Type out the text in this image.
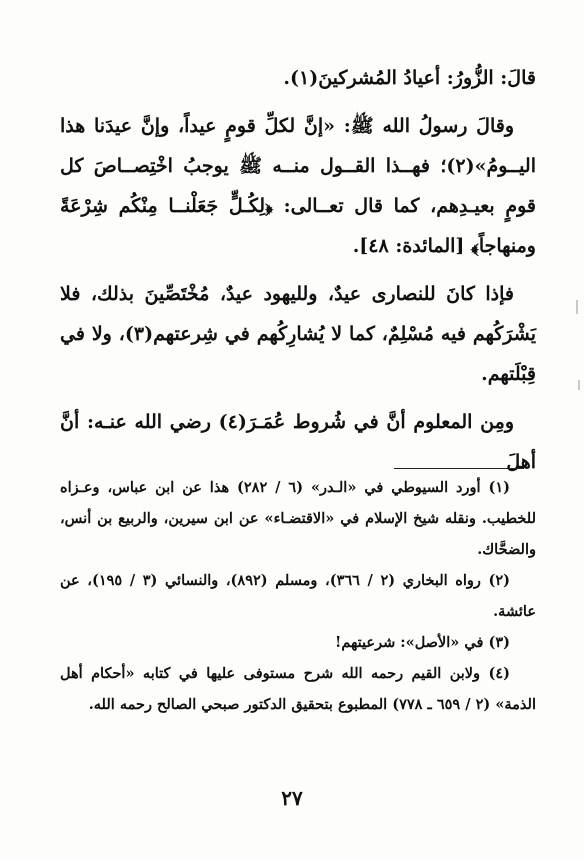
قالَ: الزُّورُ: أعيادُ المُشركينَ(١).

وقالَ رسولُ الله ﷺ: «إنَّ لكلِّ قومٍ عيداً، وإنَّ عيدَنا هذا اليــومُ»(٢)؛ فهــذا القــول منــه ﷺ يوجبُ اخْتِصــاصَ كل قومٍ بعيـدِهم، كما قال تعــالى: ﴿لِكُـلٍّ جَعَلْنــا مِنْكُم شِرْعَةً ومنهاجاً﴾ [المائدة: ٤٨].

فإذا كانَ للنصارى عيدٌ، ولليهود عيدٌ، مُخْتَصِّينَ بذلك، فلا يَشْرَكُهم فيه مُسْلِمٌ، كما لا يُشارِكُهم في شِرعتهم(٣)، ولا في قِبْلَتهم.

ومِن المعلوم أنَّ في شُروط عُمَـرَ(٤) رضي الله عنـه: أنَّ أهلَ

(١) أورد السيوطي في «الـدر» (٦ / ٢٨٢) هذا عن ابن عباس، وعـزاه للخطيب. ونقله شيخ الإسلام في «الاقتضـاء» عن ابن سيرين، والربيع بن أنس، والضحَّاك.

(٢) رواه البخاري (٢ / ٣٦٦)، ومسلم (٨٩٢)، والنسائي (٣ / ١٩٥)، عن عائشة.

(٣) في «الأصل»: شرعيتهم!

(٤) ولابن القيم رحمه الله شرح مستوفى عليها في كتابه «أحكام أهل الذمة» (٢ / ٦٥٩ ـ ٧٧٨) المطبوع بتحقيق الدكتور صبحي الصالح رحمه الله.

٢٧
